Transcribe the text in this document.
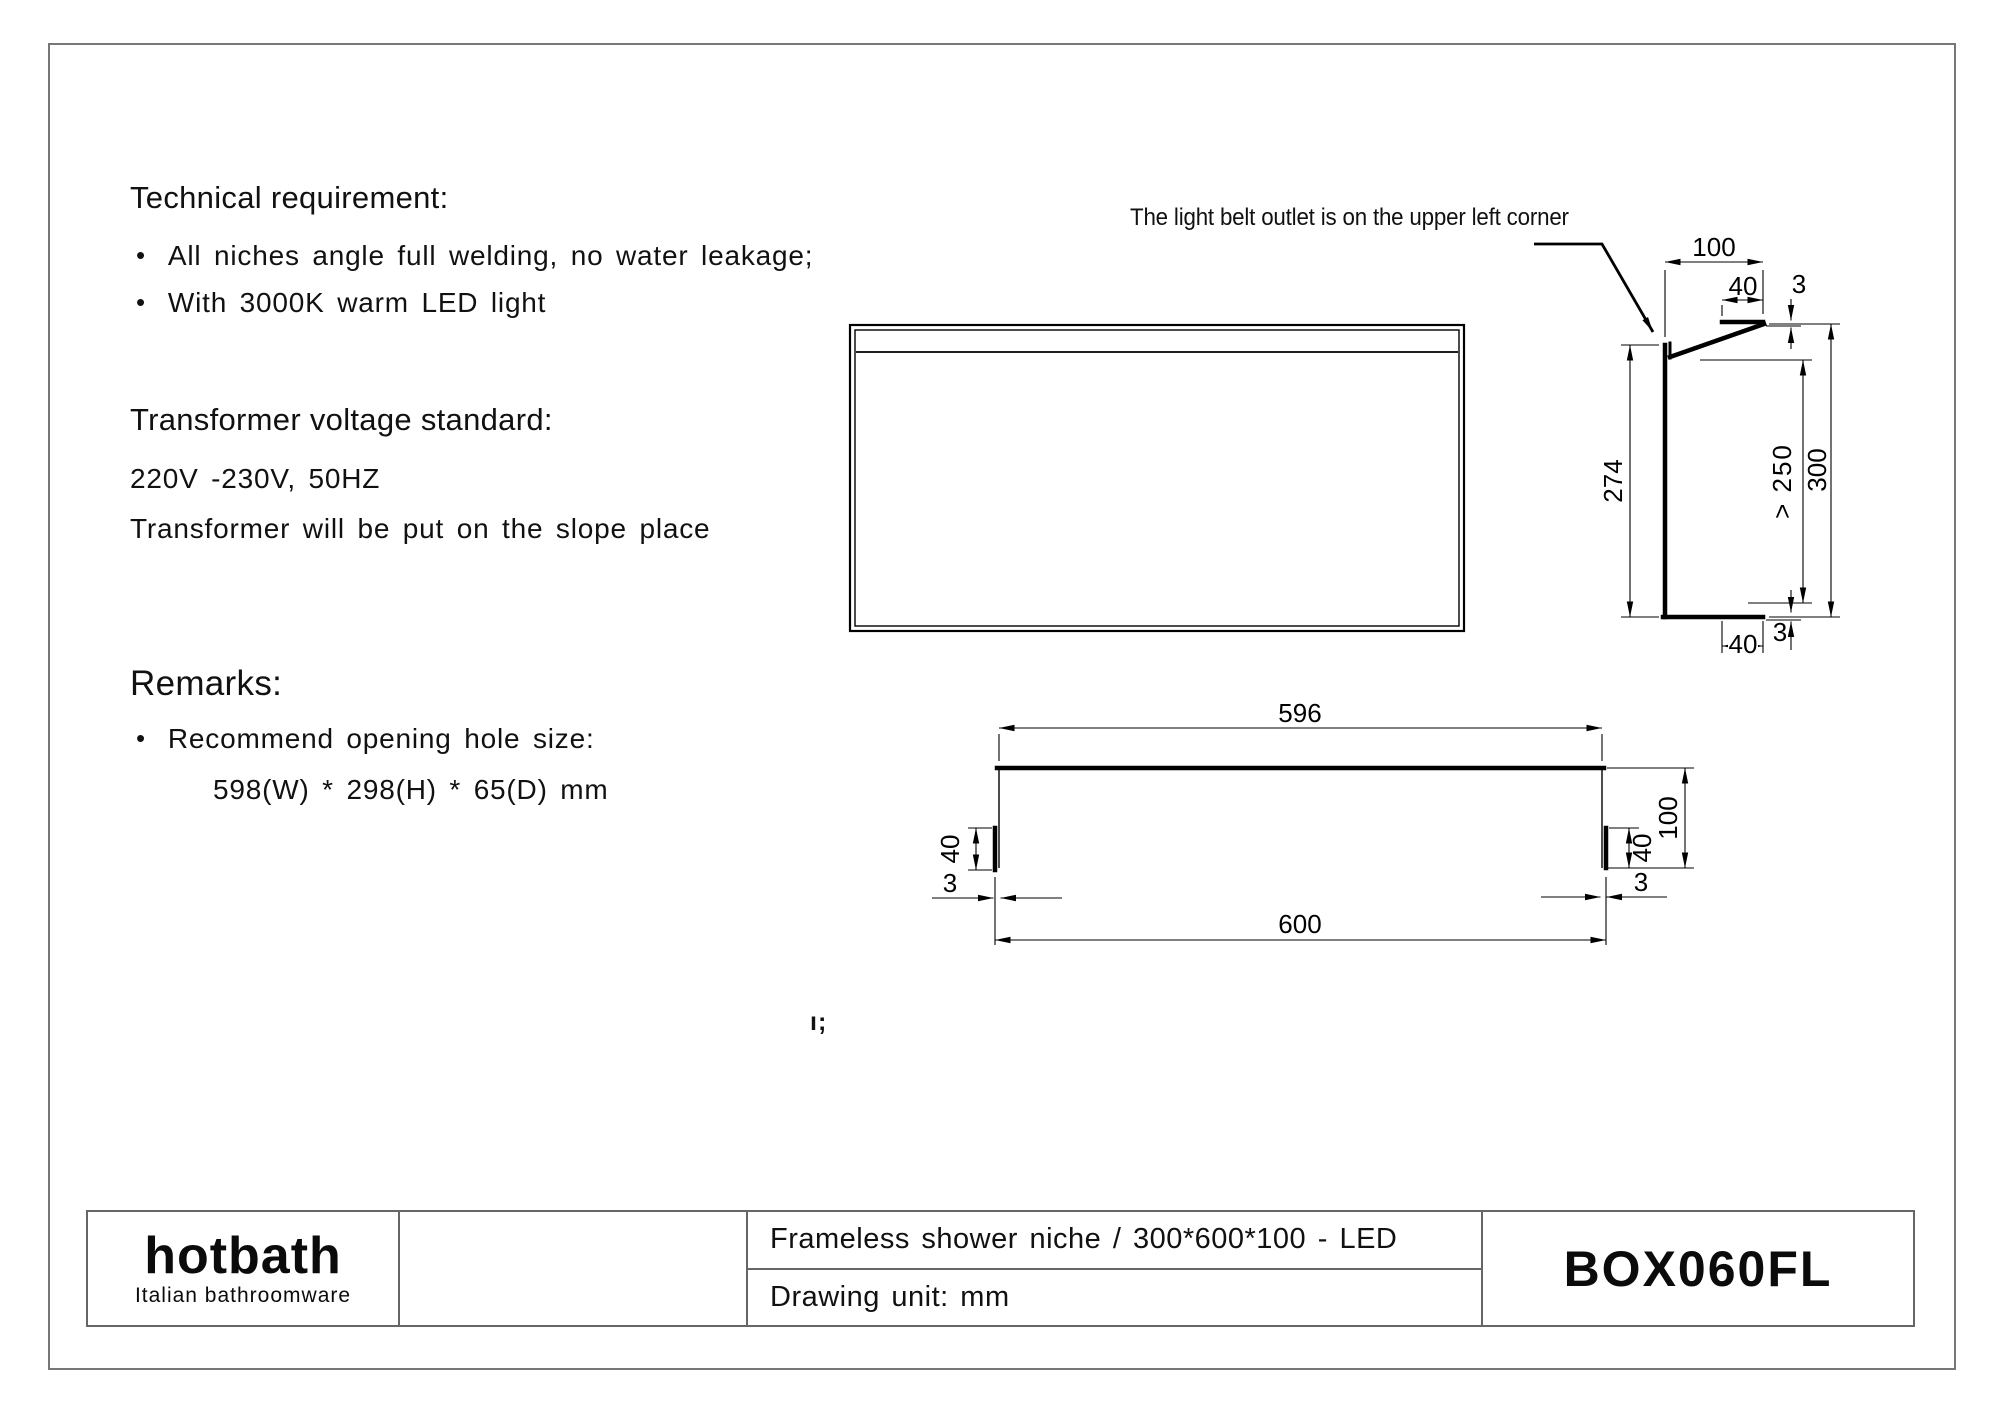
Technical requirement:
• All niches angle full welding, no water leakage;
• With 3000K warm LED light
Transformer voltage standard:
220V -230V, 50HZ
Transformer will be put on the slope place
Remarks:
• Recommend opening hole size:
598(W) * 298(H) * 65(D) mm
The light belt outlet is on the upper left corner
ı;
100
40 3
274	> 250 300
40 3
596
600
100
40	40
3	3
hotbath
Italian bathroomware
Frameless shower niche / 300*600*100 - LED
Drawing unit: mm
BOX060FL
